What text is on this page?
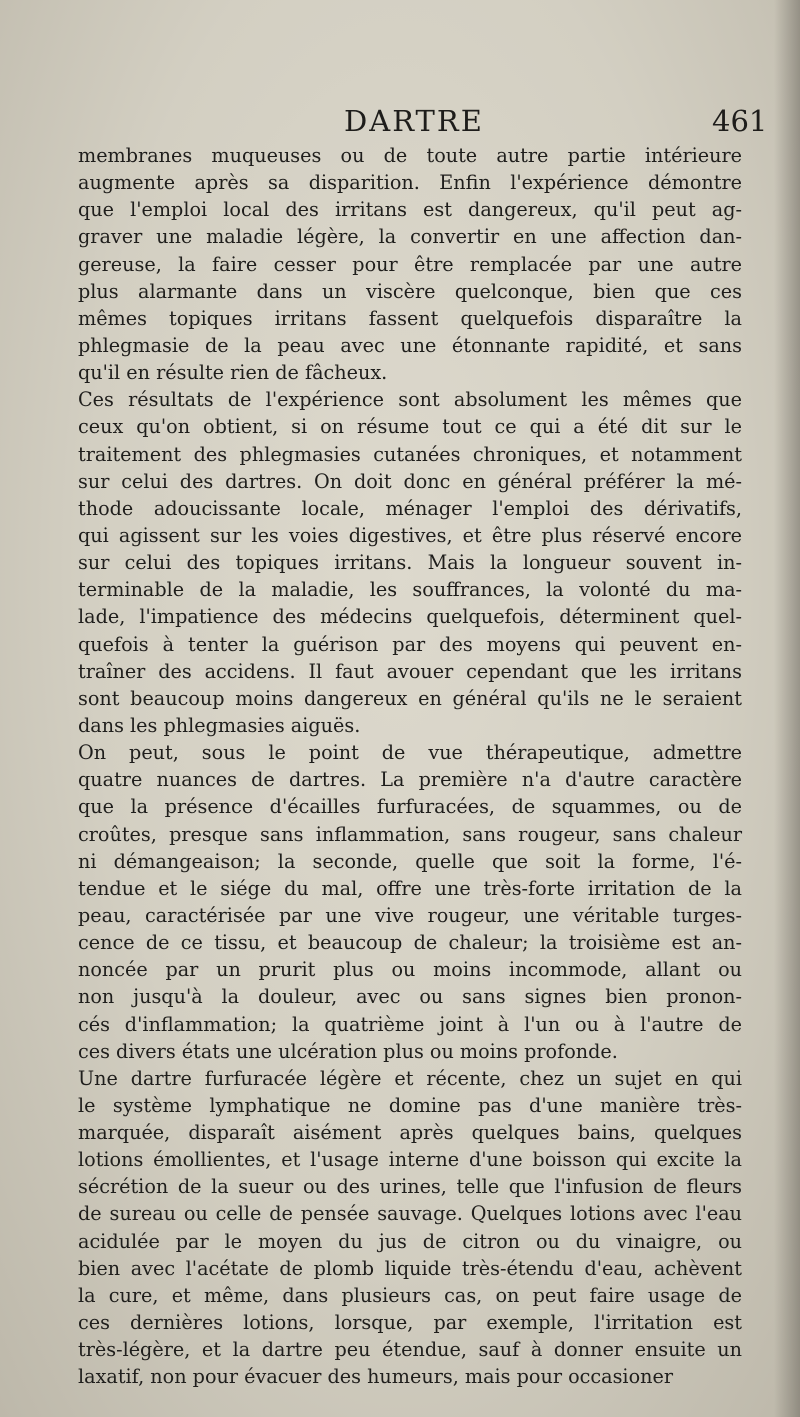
DARTRE	461
membranes muqueuses ou de toute autre partie intérieure
augmente après sa disparition. Enfin l'expérience démontre
que l'emploi local des irritans est dangereux, qu'il peut ag-
graver une maladie légère, la convertir en une affection dan-
gereuse, la faire cesser pour être remplacée par une autre
plus alarmante dans un viscère quelconque, bien que ces
mêmes topiques irritans fassent quelquefois disparaître la
phlegmasie de la peau avec une étonnante rapidité, et sans
qu'il en résulte rien de fâcheux.
Ces résultats de l'expérience sont absolument les mêmes que
ceux qu'on obtient, si on résume tout ce qui a été dit sur le
traitement des phlegmasies cutanées chroniques, et notamment
sur celui des dartres. On doit donc en général préférer la mé-
thode adoucissante locale, ménager l'emploi des dérivatifs,
qui agissent sur les voies digestives, et être plus réservé encore
sur celui des topiques irritans. Mais la longueur souvent in-
terminable de la maladie, les souffrances, la volonté du ma-
lade, l'impatience des médecins quelquefois, déterminent quel-
quefois à tenter la guérison par des moyens qui peuvent en-
traîner des accidens. Il faut avouer cependant que les irritans
sont beaucoup moins dangereux en général qu'ils ne le seraient
dans les phlegmasies aiguës.
On peut, sous le point de vue thérapeutique, admettre
quatre nuances de dartres. La première n'a d'autre caractère
que la présence d'écailles furfuracées, de squammes, ou de
croûtes, presque sans inflammation, sans rougeur, sans chaleur
ni démangeaison; la seconde, quelle que soit la forme, l'é-
tendue et le siége du mal, offre une très-forte irritation de la
peau, caractérisée par une vive rougeur, une véritable turges-
cence de ce tissu, et beaucoup de chaleur; la troisième est an-
noncée par un prurit plus ou moins incommode, allant ou
non jusqu'à la douleur, avec ou sans signes bien pronon-
cés d'inflammation; la quatrième joint à l'un ou à l'autre de
ces divers états une ulcération plus ou moins profonde.
Une dartre furfuracée légère et récente, chez un sujet en qui
le système lymphatique ne domine pas d'une manière très-
marquée, disparaît aisément après quelques bains, quelques
lotions émollientes, et l'usage interne d'une boisson qui excite la
sécrétion de la sueur ou des urines, telle que l'infusion de fleurs
de sureau ou celle de pensée sauvage. Quelques lotions avec l'eau
acidulée par le moyen du jus de citron ou du vinaigre, ou
bien avec l'acétate de plomb liquide très-étendu d'eau, achèvent
la cure, et même, dans plusieurs cas, on peut faire usage de
ces dernières lotions, lorsque, par exemple, l'irritation est
très-légère, et la dartre peu étendue, sauf à donner ensuite un
laxatif, non pour évacuer des humeurs, mais pour occasioner
